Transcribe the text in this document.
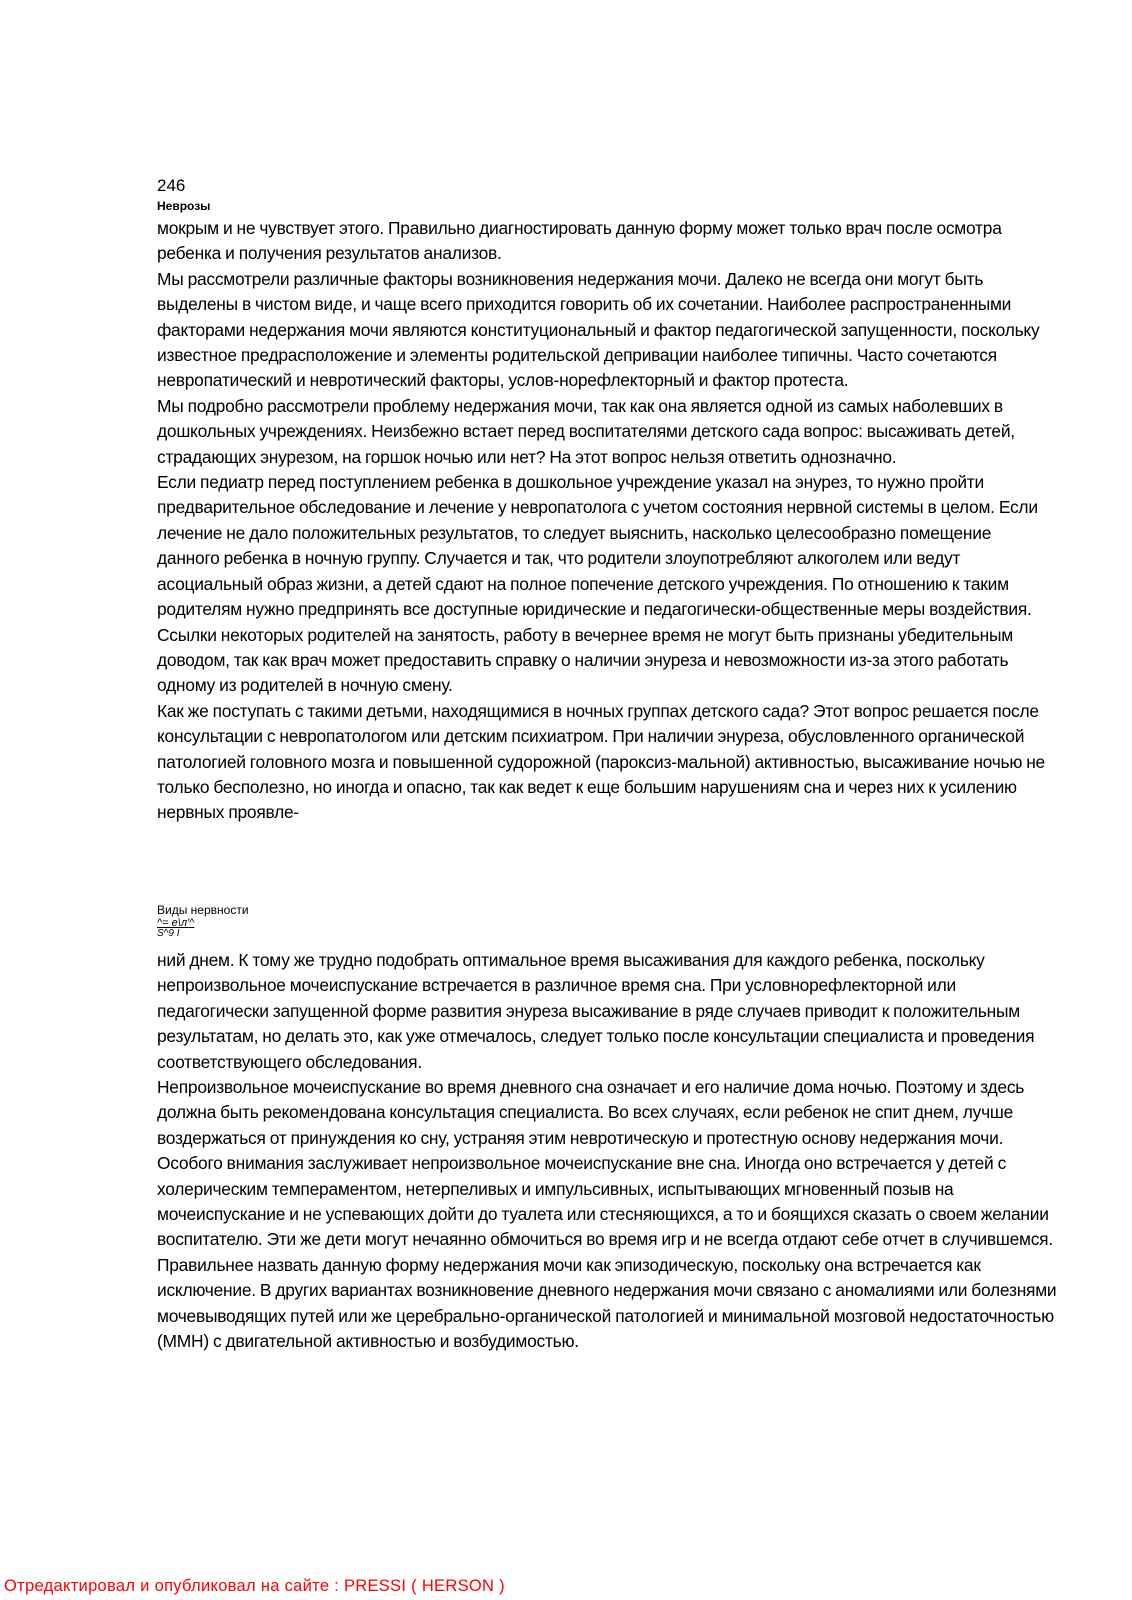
246
Неврозы

мокрым и не чувствует этого. Правильно диагностировать данную форму может только врач после осмотра ребенка и получения результатов анализов.

Мы рассмотрели различные факторы возникновения недержания мочи. Далеко не всегда они могут быть выделены в чистом виде, и чаще всего приходится говорить об их сочетании. Наиболее распространенными факторами недержания мочи являются конституциональный и фактор педагогической запущенности, поскольку известное предрасположение и элементы родительской депривации наиболее типичны. Часто сочетаются невропатический и невротический факторы, услов-норефлекторный и фактор протеста.

Мы подробно рассмотрели проблему недержания мочи, так как она является одной из самых наболевших в дошкольных учреждениях. Неизбежно встает перед воспитателями детского сада вопрос: высаживать детей, страдающих энурезом, на горшок ночью или нет? На этот вопрос нельзя ответить однозначно.

Если педиатр перед поступлением ребенка в дошкольное учреждение указал на энурез, то нужно пройти предварительное обследование и лечение у невропатолога с учетом состояния нервной системы в целом. Если лечение не дало положительных результатов, то следует выяснить, насколько целесообразно помещение данного ребенка в ночную группу. Случается и так, что родители злоупотребляют алкоголем или ведут асоциальный образ жизни, а детей сдают на полное попечение детского учреждения. По отношению к таким родителям нужно предпринять все доступные юридические и педагогически-общественные меры воздействия. Ссылки некоторых родителей на занятость, работу в вечернее время не могут быть признаны убедительным доводом, так как врач может предоставить справку о наличии энуреза и невозможности из-за этого работать одному из родителей в ночную смену.

Как же поступать с такими детьми, находящимися в ночных группах детского сада? Этот вопрос решается после консультации с невропатологом или детским психиатром. При наличии энуреза, обусловленного органической патологией головного мозга и повышенной судорожной (пароксиз-мальной) активностью, высаживание ночью не только бесполезно, но иногда и опасно, так как ведет к еще большим нарушениям сна и через них к усилению нервных проявле-

Виды нервности

^= е\л'^

S^9 I

ний днем. К тому же трудно подобрать оптимальное время высаживания для каждого ребенка, поскольку непроизвольное мочеиспускание встречается в различное время сна. При условнорефлекторной или педагогически запущенной форме развития энуреза высаживание в ряде случаев приводит к положительным результатам, но делать это, как уже отмечалось, следует только после консультации специалиста и проведения соответствующего обследования.

Непроизвольное мочеиспускание во время дневного сна означает и его наличие дома ночью. Поэтому и здесь должна быть рекомендована консультация специалиста. Во всех случаях, если ребенок не спит днем, лучше воздержаться от принуждения ко сну, устраняя этим невротическую и протестную основу недержания мочи.

Особого внимания заслуживает непроизвольное мочеиспускание вне сна. Иногда оно встречается у детей с холерическим темпераментом, нетерпеливых и импульсивных, испытывающих мгновенный позыв на мочеиспускание и не успевающих дойти до туалета или стесняющихся, а то и боящихся сказать о своем желании воспитателю. Эти же дети могут нечаянно обмочиться во время игр и не всегда отдают себе отчет в случившемся. Правильнее назвать данную форму недержания мочи как эпизодическую, поскольку она встречается как исключение. В других вариантах возникновение дневного недержания мочи связано с аномалиями или болезнями мочевыводящих путей или же церебрально-органической патологией и минимальной мозговой недостаточностью (ММН) с двигательной активностью и возбудимостью.

Отредактировал и опубликовал на сайте : PRESSI ( HERSON )
